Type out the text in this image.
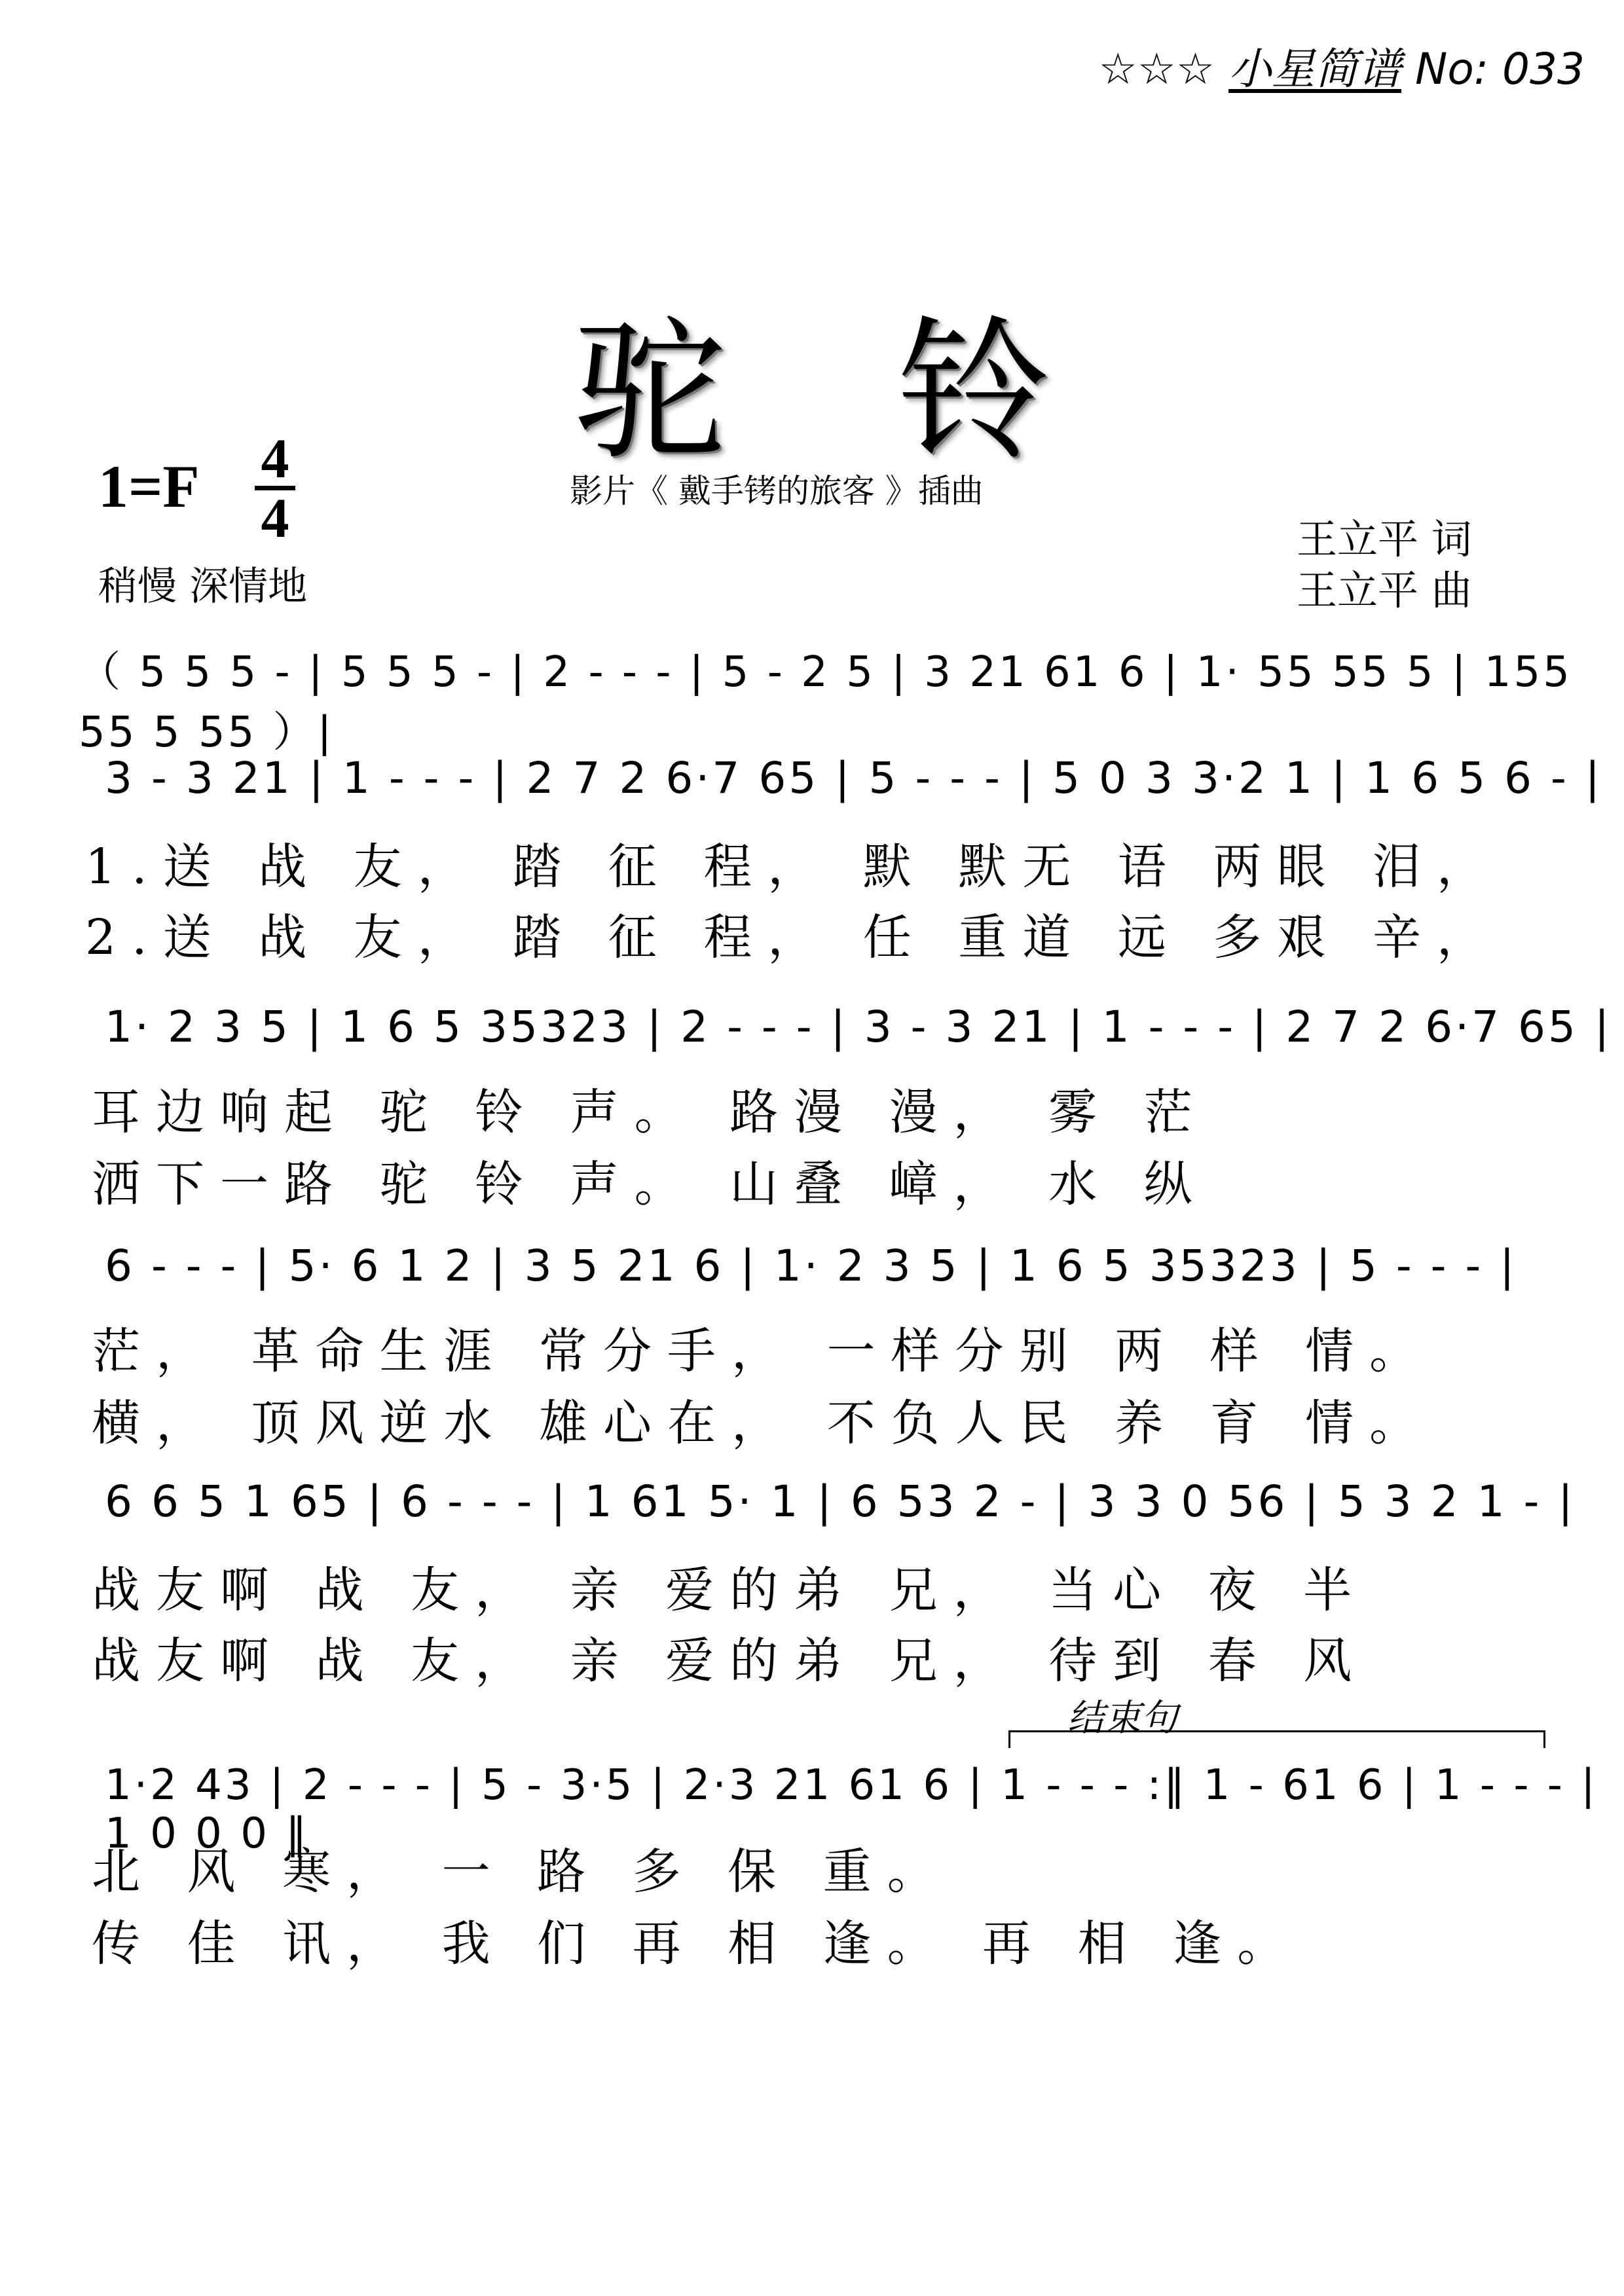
☆☆☆ 小星简谱 No: 033
驼 铃
1=F 4
4	影片《 戴手铐的旅客 》插曲
稍慢 深情地
王立平 词
王立平 曲
（ 5 5 5 - | 5 5 5 - | 2 - - - | 5 - 2 5 | 3 21 61 6 | 1· 55 55 5 | 155 55 5 55 ）|
3 - 3 21 | 1 - - - | 2 7 2 6·7 65 | 5 - - - | 5 0 3 3·2 1 | 1 6 5 6 - |
1.送 战 友， 踏 征 程， 默 默无 语 两眼 泪，
2.送 战 友， 踏 征 程， 任 重道 远 多艰 辛，
1· 2 3 5 | 1 6 5 35323 | 2 - - - | 3 - 3 21 | 1 - - - | 2 7 2 6·7 65 |
耳边响起 驼 铃 声。 路漫 漫， 雾 茫
洒下一路 驼 铃 声。 山叠 嶂， 水 纵
6 - - - | 5· 6 1 2 | 3 5 21 6 | 1· 2 3 5 | 1 6 5 35323 | 5 - - - |
茫， 革命生涯 常分手， 一样分别 两 样 情。
横， 顶风逆水 雄心在， 不负人民 养 育 情。
6 6 5 1 65 | 6 - - - | 1 61 5· 1 | 6 53 2 - | 3 3 0 56 | 5 3 2 1 - |
战友啊 战 友， 亲 爱的弟 兄， 当心 夜 半
战友啊 战 友， 亲 爱的弟 兄， 待到 春 风
结束句
1·2 43 | 2 - - - | 5 - 3·5 | 2·3 21 61 6 | 1 - - - :‖ 1 - 61 6 | 1 - - - | 1 0 0 0 ‖
北 风 寒， 一 路 多 保 重。
传 佳 讯， 我 们 再 相 逢。 再 相 逢。
